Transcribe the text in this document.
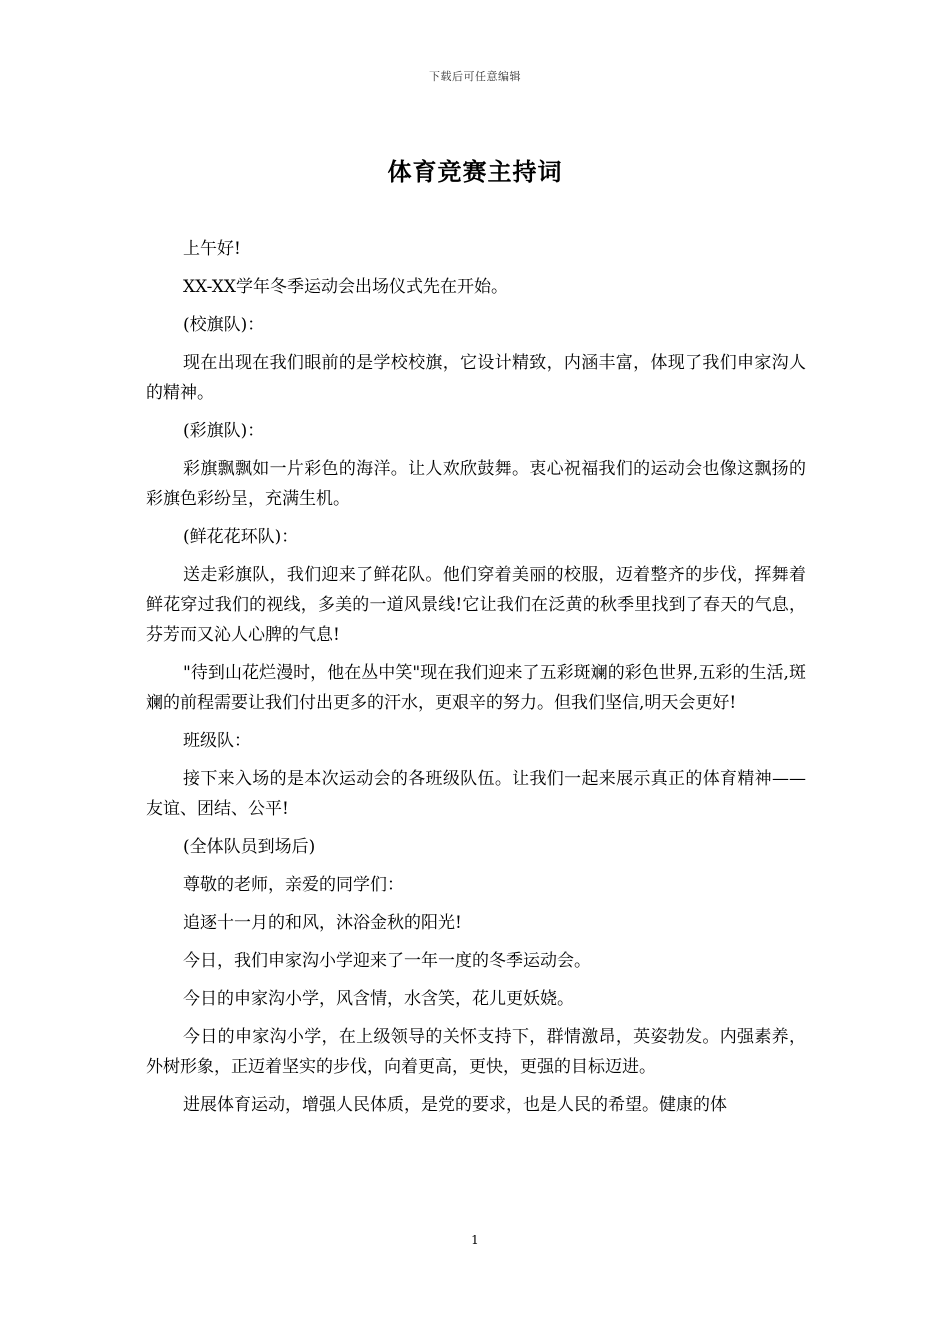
下载后可任意编辑
体育竞赛主持词

上午好!

XX-XX学年冬季运动会出场仪式先在开始。

(校旗队)：

现在出现在我们眼前的是学校校旗，它设计精致，内涵丰富，体现了我们申家沟人的精神。

(彩旗队)：

彩旗飘飘如一片彩色的海洋。让人欢欣鼓舞。衷心祝福我们的运动会也像这飘扬的彩旗色彩纷呈，充满生机。

(鲜花花环队)：

送走彩旗队，我们迎来了鲜花队。他们穿着美丽的校服，迈着整齐的步伐，挥舞着鲜花穿过我们的视线，多美的一道风景线!它让我们在泛黄的秋季里找到了春天的气息，芬芳而又沁人心脾的气息!

"待到山花烂漫时，他在丛中笑"现在我们迎来了五彩斑斓的彩色世界,五彩的生活,斑斓的前程需要让我们付出更多的汗水，更艰辛的努力。但我们坚信,明天会更好!

班级队：

接下来入场的是本次运动会的各班级队伍。让我们一起来展示真正的体育精神——友谊、团结、公平!

(全体队员到场后)

尊敬的老师，亲爱的同学们：

追逐十一月的和风，沐浴金秋的阳光!

今日，我们申家沟小学迎来了一年一度的冬季运动会。

今日的申家沟小学，风含情，水含笑，花儿更妖娆。

今日的申家沟小学，在上级领导的关怀支持下，群情激昂，英姿勃发。内强素养，外树形象，正迈着坚实的步伐，向着更高，更快，更强的目标迈进。

进展体育运动，增强人民体质，是党的要求，也是人民的希望。健康的体

1
